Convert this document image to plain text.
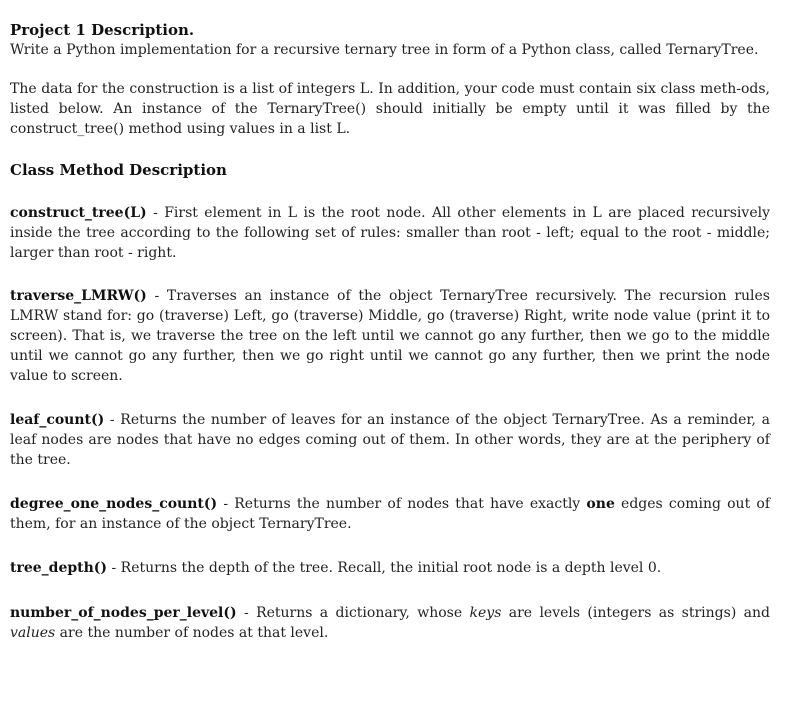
Project 1 Description.

Write a Python implementation for a recursive ternary tree in form of a Python class, called TernaryTree.

The data for the construction is a list of integers L. In addition, your code must contain six class meth-ods, listed below. An instance of the TernaryTree() should initially be empty until it was filled by the construct_tree() method using values in a list L.

Class Method Description

construct_tree(L) - First element in L is the root node. All other elements in L are placed recursively inside the tree according to the following set of rules: smaller than root - left; equal to the root - middle; larger than root - right.

traverse_LMRW() - Traverses an instance of the object TernaryTree recursively. The recursion rules LMRW stand for: go (traverse) Left, go (traverse) Middle, go (traverse) Right, write node value (print it to screen). That is, we traverse the tree on the left until we cannot go any further, then we go to the middle until we cannot go any further, then we go right until we cannot go any further, then we print the node value to screen.

leaf_count() - Returns the number of leaves for an instance of the object TernaryTree. As a reminder, a leaf nodes are nodes that have no edges coming out of them. In other words, they are at the periphery of the tree.

degree_one_nodes_count() - Returns the number of nodes that have exactly one edges coming out of them, for an instance of the object TernaryTree.

tree_depth() - Returns the depth of the tree. Recall, the initial root node is a depth level 0.

number_of_nodes_per_level() - Returns a dictionary, whose keys are levels (integers as strings) and values are the number of nodes at that level.
